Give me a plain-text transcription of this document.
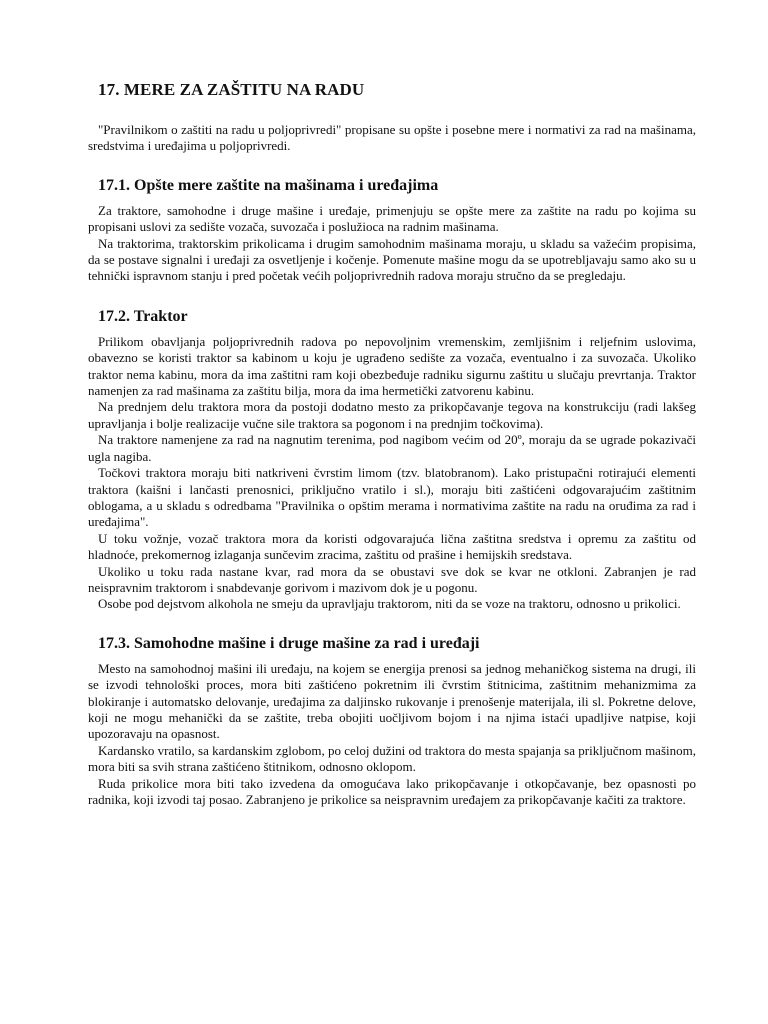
17. MERE ZA ZAŠTITU NA RADU

"Pravilnikom o zaštiti na radu u poljoprivredi" propisane su opšte i posebne mere i normativi za rad na mašinama, sredstvima i uređajima u poljoprivredi.

17.1. Opšte mere zaštite na mašinama i uređajima

Za traktore, samohodne i druge mašine i uređaje, primenjuju se opšte mere za zaštite na radu po kojima su propisani uslovi za sedište vozača, suvozača i poslužioca na radnim mašinama.

Na traktorima, traktorskim prikolicama i drugim samohodnim mašinama moraju, u skladu sa važećim propisima, da se postave signalni i uređaji za osvetljenje i kočenje. Pomenute mašine mogu da se upotrebljavaju samo ako su u tehnički ispravnom stanju i pred početak većih poljoprivrednih radova moraju stručno da se pregledaju.

17.2. Traktor

Prilikom obavljanja poljoprivrednih radova po nepovoljnim vremenskim, zemljišnim i reljefnim uslovima, obavezno se koristi traktor sa kabinom u koju je ugrađeno sedište za vozača, eventualno i za suvozača. Ukoliko traktor nema kabinu, mora da ima zaštitni ram koji obezbeđuje radniku sigurnu zaštitu u slučaju prevrtanja. Traktor namenjen za rad mašinama za zaštitu bilja, mora da ima hermetički zatvorenu kabinu.

Na prednjem delu traktora mora da postoji dodatno mesto za prikopčavanje tegova na konstrukciju (radi lakšeg upravljanja i bolje realizacije vučne sile traktora sa pogonom i na prednjim točkovima).

Na traktore namenjene za rad na nagnutim terenima, pod nagibom većim od 20º, moraju da se ugrade pokazivači ugla nagiba.

Točkovi traktora moraju biti natkriveni čvrstim limom (tzv. blatobranom). Lako pristupačni rotirajući elementi traktora (kaišni i lančasti prenosnici, priključno vratilo i sl.), moraju biti zaštićeni odgovarajućim zaštitnim oblogama, a u skladu s odredbama "Pravilnika o opštim merama i normativima zaštite na radu na oruđima za rad i uređajima".

U toku vožnje, vozač traktora mora da koristi odgovarajuća lična zaštitna sredstva i opremu za zaštitu od hladnoće, prekomernog izlaganja sunčevim zracima, zaštitu od prašine i hemijskih sredstava.

Ukoliko u toku rada nastane kvar, rad mora da se obustavi sve dok se kvar ne otkloni. Zabranjen je rad neispravnim traktorom i snabdevanje gorivom i mazivom dok je u pogonu.

Osobe pod dejstvom alkohola ne smeju da upravljaju traktorom, niti da se voze na traktoru, odnosno u prikolici.

17.3. Samohodne mašine i druge mašine za rad i uređaji

Mesto na samohodnoj mašini ili uređaju, na kojem se energija prenosi sa jednog mehaničkog sistema na drugi, ili se izvodi tehnološki proces, mora biti zaštićeno pokretnim ili čvrstim štitnicima, zaštitnim mehanizmima za blokiranje i automatsko delovanje, uređajima za daljinsko rukovanje i prenošenje materijala, ili sl. Pokretne delove, koji ne mogu mehanički da se zaštite, treba obojiti uočljivom bojom i na njima istaći upadljive natpise, koji upozoravaju na opasnost.

Kardansko vratilo, sa kardanskim zglobom, po celoj dužini od traktora do mesta spajanja sa priključnom mašinom, mora biti sa svih strana zaštićeno štitnikom, odnosno oklopom.

Ruda prikolice mora biti tako izvedena da omogućava lako prikopčavanje i otkopčavanje, bez opasnosti po radnika, koji izvodi taj posao. Zabranjeno je prikolice sa neispravnim uređajem za prikopčavanje kačiti za traktore.
